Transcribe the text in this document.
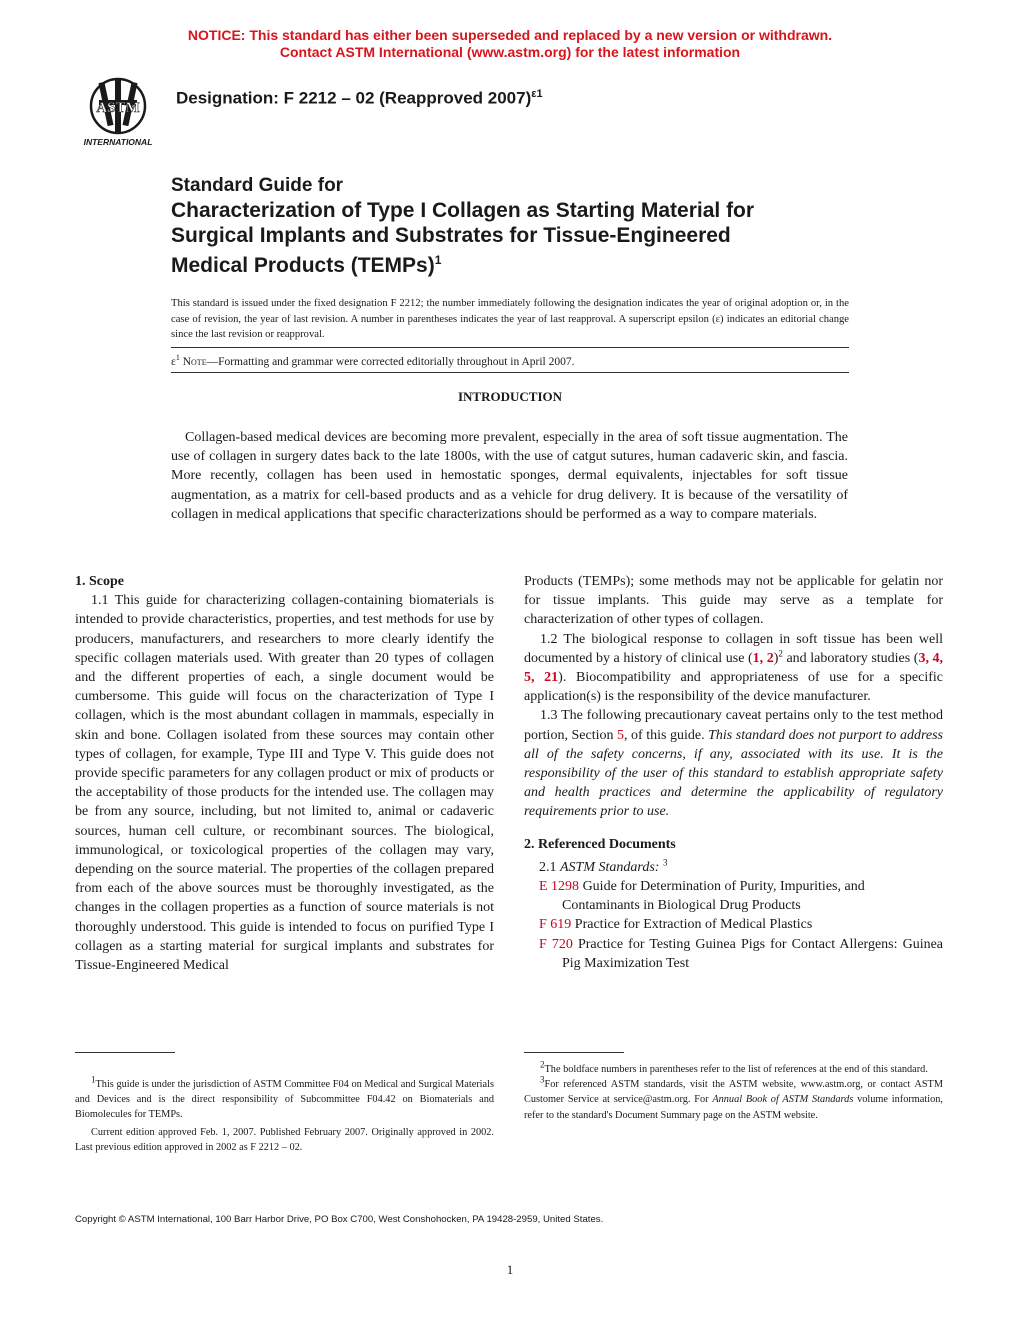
NOTICE: This standard has either been superseded and replaced by a new version or withdrawn.
Contact ASTM International (www.astm.org) for the latest information
ASTM
INTERNATIONAL
Designation: F 2212 – 02 (Reapproved 2007)$^{\varepsilon 1}$
Standard Guide for
Characterization of Type I Collagen as Starting Material for
Surgical Implants and Substrates for Tissue-Engineered
Medical Products (TEMPs)$^1$
This standard is issued under the fixed designation F 2212; the number immediately following the designation indicates the year of original adoption or, in the case of revision, the year of last revision. A number in parentheses indicates the year of last reapproval. A superscript epsilon (ε) indicates an editorial change since the last revision or reapproval.
$\varepsilon^1$ Note—Formatting and grammar were corrected editorially throughout in April 2007.
INTRODUCTION

Collagen-based medical devices are becoming more prevalent, especially in the area of soft tissue augmentation. The use of collagen in surgery dates back to the late 1800s, with the use of catgut sutures, human cadaveric skin, and fascia. More recently, collagen has been used in hemostatic sponges, dermal equivalents, injectables for soft tissue augmentation, as a matrix for cell-based products and as a vehicle for drug delivery. It is because of the versatility of collagen in medical applications that specific characterizations should be performed as a way to compare materials.

1. Scope

1.1 This guide for characterizing collagen-containing biomaterials is intended to provide characteristics, properties, and test methods for use by producers, manufacturers, and researchers to more clearly identify the specific collagen materials used. With greater than 20 types of collagen and the different properties of each, a single document would be cumbersome. This guide will focus on the characterization of Type I collagen, which is the most abundant collagen in mammals, especially in skin and bone. Collagen isolated from these sources may contain other types of collagen, for example, Type III and Type V. This guide does not provide specific parameters for any collagen product or mix of products or the acceptability of those products for the intended use. The collagen may be from any source, including, but not limited to, animal or cadaveric sources, human cell culture, or recombinant sources. The biological, immunological, or toxicological properties of the collagen may vary, depending on the source material. The properties of the collagen prepared from each of the above sources must be thoroughly investigated, as the changes in the collagen properties as a function of source materials is not thoroughly understood. This guide is intended to focus on purified Type I collagen as a starting material for surgical implants and substrates for Tissue-Engineered Medical

Products (TEMPs); some methods may not be applicable for gelatin nor for tissue implants. This guide may serve as a template for characterization of other types of collagen.

1.2 The biological response to collagen in soft tissue has been well documented by a history of clinical use (1, 2)$^2$ and laboratory studies (3, 4, 5, 21). Biocompatibility and appropriateness of use for a specific application(s) is the responsibility of the device manufacturer.

1.3 The following precautionary caveat pertains only to the test method portion, Section 5, of this guide. This standard does not purport to address all of the safety concerns, if any, associated with its use. It is the responsibility of the user of this standard to establish appropriate safety and health practices and determine the applicability of regulatory requirements prior to use.

2. Referenced Documents

2.1 ASTM Standards: $^3$

E 1298 Guide for Determination of Purity, Impurities, and Contaminants in Biological Drug Products

F 619 Practice for Extraction of Medical Plastics

F 720 Practice for Testing Guinea Pigs for Contact Allergens: Guinea Pig Maximization Test

$^1$This guide is under the jurisdiction of ASTM Committee F04 on Medical and Surgical Materials and Devices and is the direct responsibility of Subcommittee F04.42 on Biomaterials and Biomolecules for TEMPs.

Current edition approved Feb. 1, 2007. Published February 2007. Originally approved in 2002. Last previous edition approved in 2002 as F 2212 – 02.

$^2$The boldface numbers in parentheses refer to the list of references at the end of this standard.

$^3$For referenced ASTM standards, visit the ASTM website, www.astm.org, or contact ASTM Customer Service at service@astm.org. For Annual Book of ASTM Standards volume information, refer to the standard's Document Summary page on the ASTM website.

Copyright © ASTM International, 100 Barr Harbor Drive, PO Box C700, West Conshohocken, PA 19428-2959, United States.
1
